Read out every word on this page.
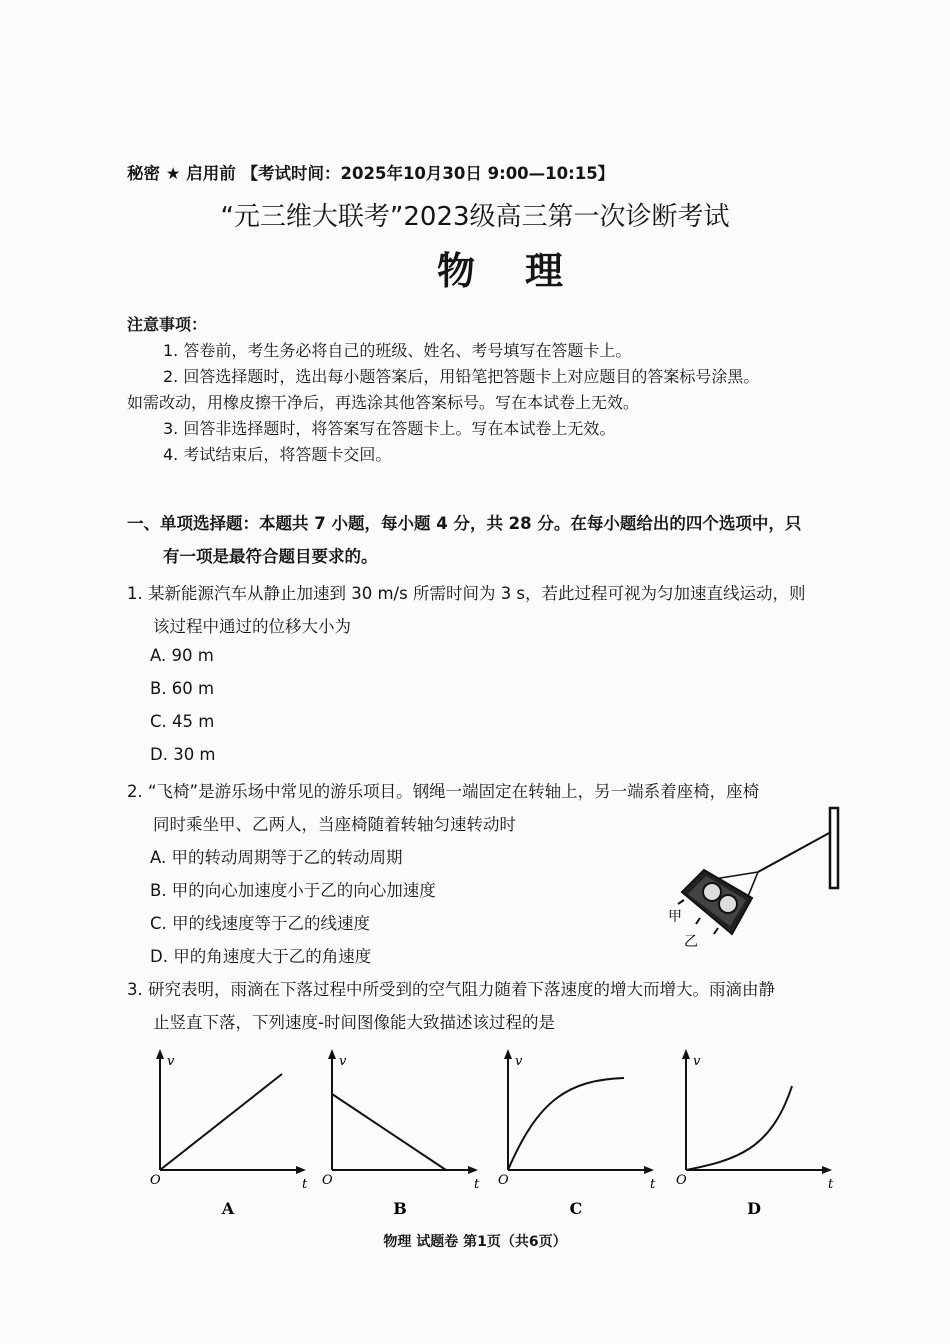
秘密 ★ 启用前 【考试时间：2025年10月30日 9:00—10:15】
“元三维大联考”2023级高三第一次诊断考试
物理
注意事项：
1. 答卷前，考生务必将自己的班级、姓名、考号填写在答题卡上。
2. 回答选择题时，选出每小题答案后，用铅笔把答题卡上对应题目的答案标号涂黑。
如需改动，用橡皮擦干净后，再选涂其他答案标号。写在本试卷上无效。
3. 回答非选择题时，将答案写在答题卡上。写在本试卷上无效。
4. 考试结束后，将答题卡交回。
一、单项选择题：本题共 7 小题，每小题 4 分，共 28 分。在每小题给出的四个选项中，只
有一项是最符合题目要求的。
1. 某新能源汽车从静止加速到 30 m/s 所需时间为 3 s，若此过程可视为匀加速直线运动，则
该过程中通过的位移大小为
A. 90 m
B. 60 m
C. 45 m
D. 30 m
2. “飞椅”是游乐场中常见的游乐项目。钢绳一端固定在转轴上，另一端系着座椅，座椅
同时乘坐甲、乙两人，当座椅随着转轴匀速转动时
A. 甲的转动周期等于乙的转动周期
B. 甲的向心加速度小于乙的向心加速度
C. 甲的线速度等于乙的线速度
D. 甲的角速度大于乙的角速度
甲
乙
3. 研究表明，雨滴在下落过程中所受到的空气阻力随着下落速度的增大而增大。雨滴由静
止竖直下落，下列速度-时间图像能大致描述该过程的是
v
t
O
A
v
t
O
B
v
t
O
C
v
t
O
D
物理 试题卷 第1页（共6页）
